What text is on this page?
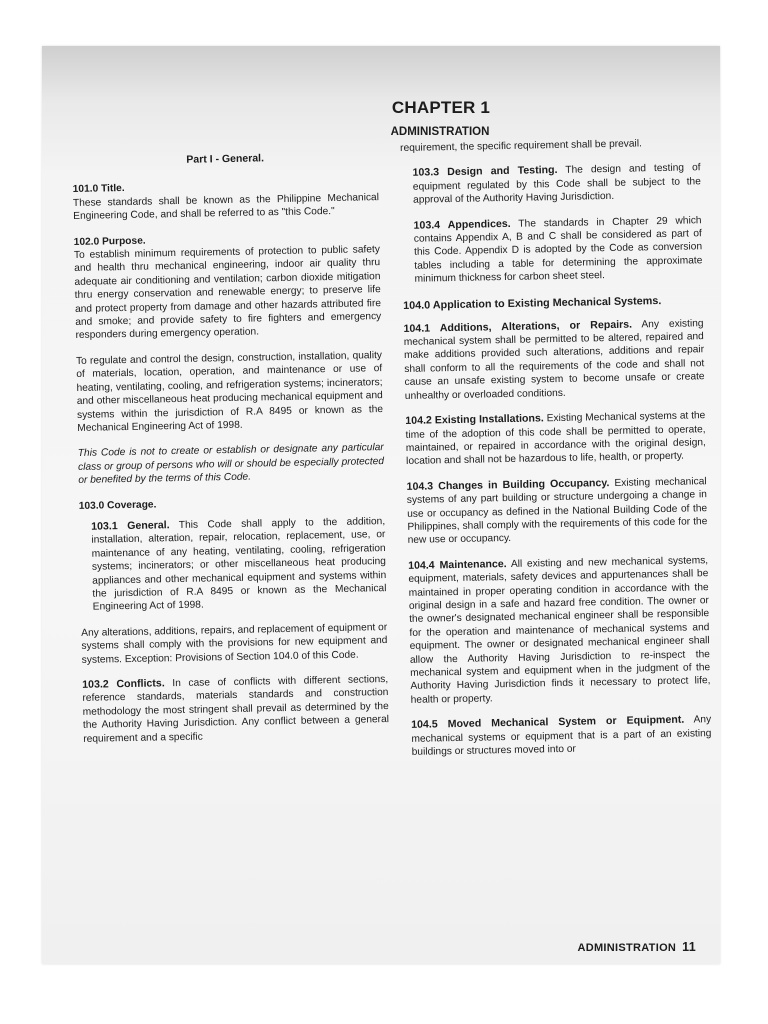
CHAPTER 1
ADMINISTRATION
Part I - General.
101.0 Title.

These standards shall be known as the Philippine Mechanical Engineering Code, and shall be referred to as "this Code."

102.0 Purpose.

To establish minimum requirements of protection to public safety and health thru mechanical engineering, indoor air quality thru adequate air conditioning and ventilation; carbon dioxide mitigation thru energy conservation and renewable energy; to preserve life and protect property from damage and other hazards attributed fire and smoke; and provide safety to fire fighters and emergency responders during emergency operation.

To regulate and control the design, construction, installation, quality of materials, location, operation, and maintenance or use of heating, ventilating, cooling, and refrigeration systems; incinerators; and other miscellaneous heat producing mechanical equipment and systems within the jurisdiction of R.A 8495 or known as the Mechanical Engineering Act of 1998.

This Code is not to create or establish or designate any particular class or group of persons who will or should be especially protected or benefited by the terms of this Code.

103.0 Coverage.

103.1 General. This Code shall apply to the addition, installation, alteration, repair, relocation, replacement, use, or maintenance of any heating, ventilating, cooling, refrigeration systems; incinerators; or other miscellaneous heat producing appliances and other mechanical equipment and systems within the jurisdiction of R.A 8495 or known as the Mechanical Engineering Act of 1998.

Any alterations, additions, repairs, and replacement of equipment or systems shall comply with the provisions for new equipment and systems. Exception: Provisions of Section 104.0 of this Code.

103.2 Conflicts. In case of conflicts with different sections, reference standards, materials standards and construction methodology the most stringent shall prevail as determined by the the Authority Having Jurisdiction. Any conflict between a general requirement and a specific

requirement, the specific requirement shall be prevail.

103.3 Design and Testing. The design and testing of equipment regulated by this Code shall be subject to the approval of the Authority Having Jurisdiction.

103.4 Appendices. The standards in Chapter 29 which contains Appendix A, B and C shall be considered as part of this Code. Appendix D is adopted by the Code as conversion tables including a table for determining the approximate minimum thickness for carbon sheet steel.

104.0 Application to Existing Mechanical Systems.

104.1 Additions, Alterations, or Repairs. Any existing mechanical system shall be permitted to be altered, repaired and make additions provided such alterations, additions and repair shall conform to all the requirements of the code and shall not cause an unsafe existing system to become unsafe or create unhealthy or overloaded conditions.

104.2 Existing Installations. Existing Mechanical systems at the time of the adoption of this code shall be permitted to operate, maintained, or repaired in accordance with the original design, location and shall not be hazardous to life, health, or property.

104.3 Changes in Building Occupancy. Existing mechanical systems of any part building or structure undergoing a change in use or occupancy as defined in the National Building Code of the Philippines, shall comply with the requirements of this code for the new use or occupancy.

104.4 Maintenance. All existing and new mechanical systems, equipment, materials, safety devices and appurtenances shall be maintained in proper operating condition in accordance with the original design in a safe and hazard free condition. The owner or the owner's designated mechanical engineer shall be responsible for the operation and maintenance of mechanical systems and equipment. The owner or designated mechanical engineer shall allow the Authority Having Jurisdiction to re-inspect the mechanical system and equipment when in the judgment of the Authority Having Jurisdiction finds it necessary to protect life, health or property.

104.5 Moved Mechanical System or Equipment. Any mechanical systems or equipment that is a part of an existing buildings or structures moved into or

ADMINISTRATION 11
